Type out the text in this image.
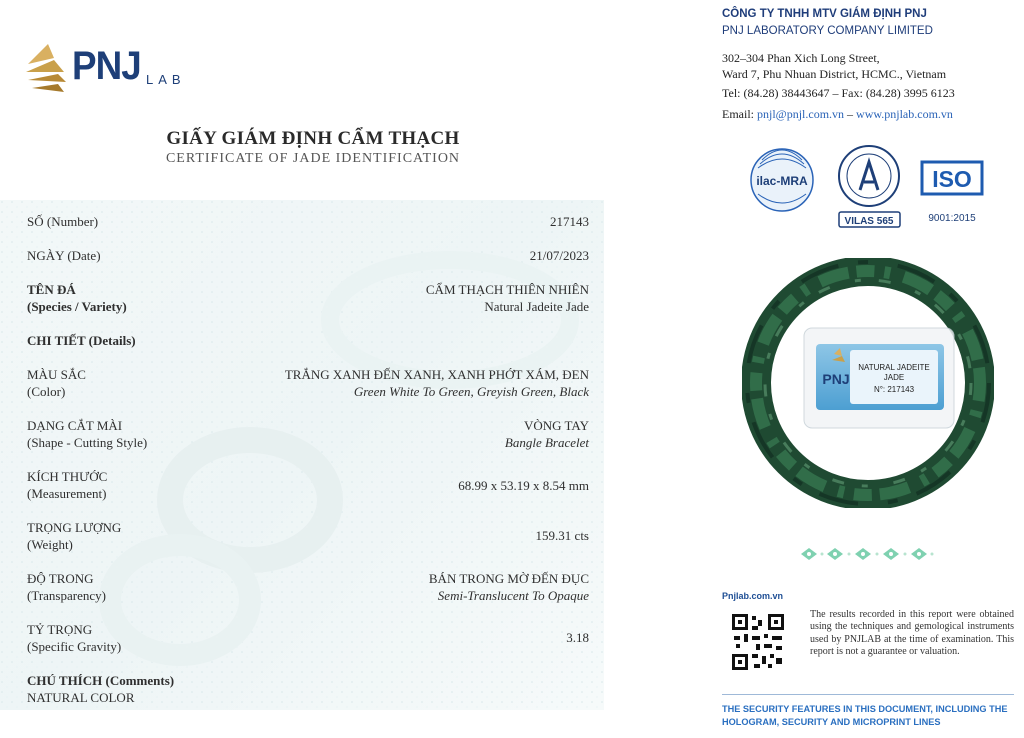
PNJ LAB
GIẤY GIÁM ĐỊNH CẨM THẠCH
CERTIFICATE OF JADE IDENTIFICATION
SỐ (Number)	217143
NGÀY (Date)	21/07/2023
TÊN ĐÁ
(Species / Variety)
CẨM THẠCH THIÊN NHIÊN
Natural Jadeite Jade
CHI TIẾT (Details)
MÀU SẮC
(Color)
TRẮNG XANH ĐẾN XANH, XANH PHỚT XÁM, ĐEN
Green White To Green, Greyish Green, Black
DẠNG CẮT MÀI
(Shape - Cutting Style)
VÒNG TAY
Bangle Bracelet
KÍCH THƯỚC
(Measurement)
68.99 x 53.19 x 8.54 mm
TRỌNG LƯỢNG
(Weight)
159.31 cts
ĐỘ TRONG
(Transparency)
BÁN TRONG MỜ ĐẾN ĐỤC
Semi-Translucent To Opaque
TỶ TRỌNG
(Specific Gravity)
3.18
CHÚ THÍCH (Comments)
NATURAL COLOR
CÔNG TY TNHH MTV GIÁM ĐỊNH PNJ
PNJ LABORATORY COMPANY LIMITED
302–304 Phan Xich Long Street,
Ward 7, Phu Nhuan District, HCMC., Vietnam
Tel: (84.28) 38443647 – Fax: (84.28) 3995 6123
Email: pnjl@pnjl.com.vn – www.pnjlab.com.vn
ilac-MRA
VILAS 565
ISO
9001:2015
PNJ
NATURAL JADEITE
JADE
N°: 217143
Pnjlab.com.vn
The results recorded in this report were obtained using the techniques and gemological instruments used by PNJLAB at the time of examination. This report is not a guarantee or valuation.
THE SECURITY FEATURES IN THIS DOCUMENT, INCLUDING THE HOLOGRAM, SECURITY AND MICROPRINT LINES
